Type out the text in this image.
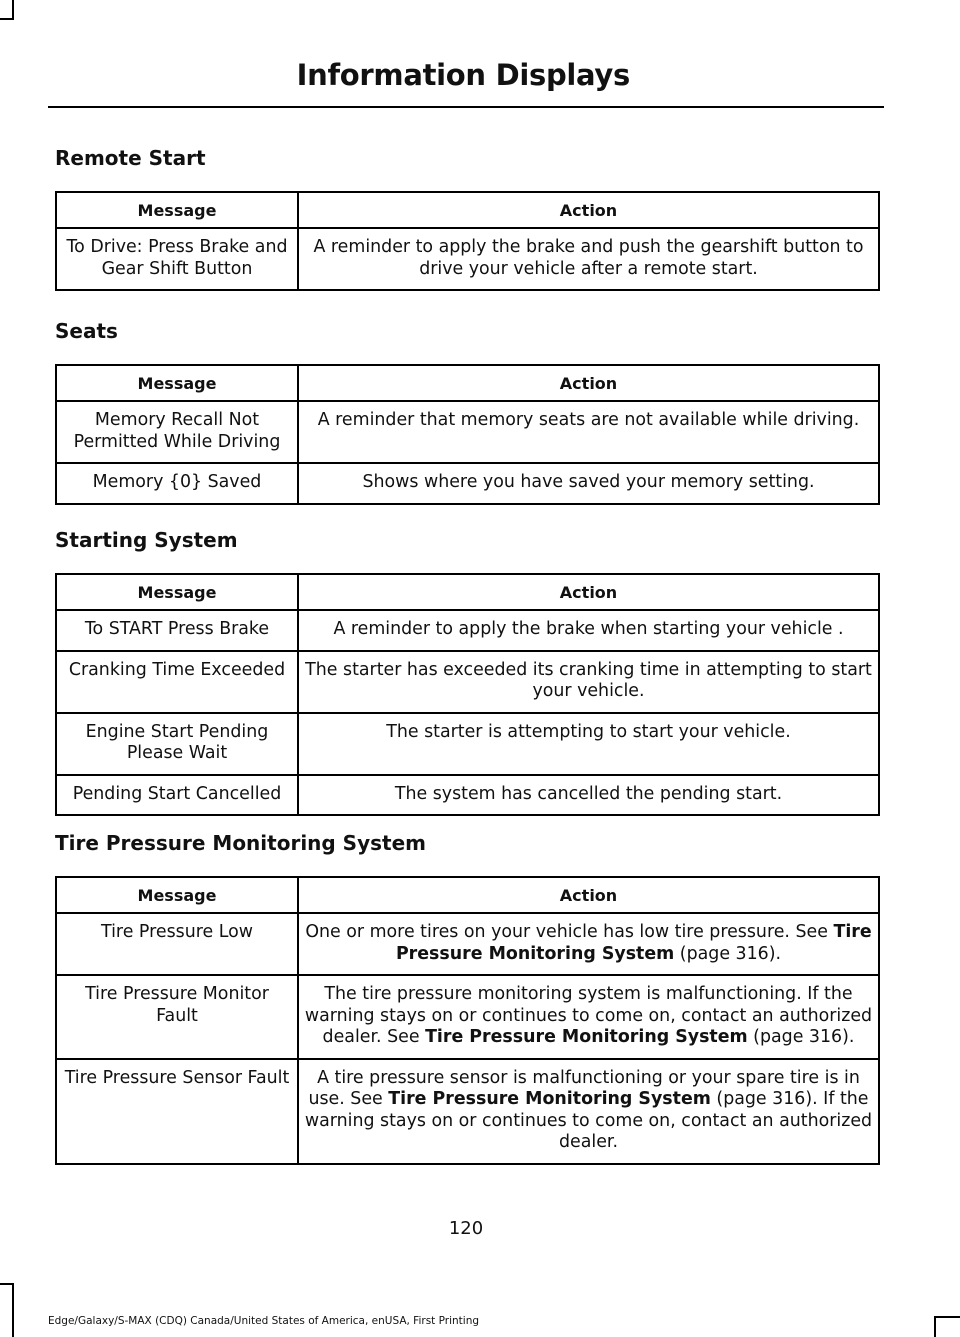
Information Displays
Remote Start
Message	Action
To Drive: Press Brake and Gear Shift Button	A reminder to apply the brake and push the gearshift button to drive your vehicle after a remote start.
Seats
Message	Action
Memory Recall Not Permitted While Driving	A reminder that memory seats are not available while driving.
Memory {0} Saved	Shows where you have saved your memory setting.
Starting System
Message	Action
To START Press Brake	A reminder to apply the brake when starting your vehicle .
Cranking Time Exceeded	The starter has exceeded its cranking time in attempting to start your vehicle.
Engine Start Pending Please Wait	The starter is attempting to start your vehicle.
Pending Start Cancelled	The system has cancelled the pending start.
Tire Pressure Monitoring System
Message	Action
Tire Pressure Low	One or more tires on your vehicle has low tire pressure. See Tire Pressure Monitoring System (page 316).
Tire Pressure Monitor Fault	The tire pressure monitoring system is malfunctioning. If the warning stays on or continues to come on, contact an authorized dealer. See Tire Pressure Monitoring System (page 316).
Tire Pressure Sensor Fault	A tire pressure sensor is malfunctioning or your spare tire is in use. See Tire Pressure Monitoring System (page 316). If the warning stays on or continues to come on, contact an authorized dealer.
120
Edge/Galaxy/S-MAX (CDQ) Canada/United States of America, enUSA, First Printing
